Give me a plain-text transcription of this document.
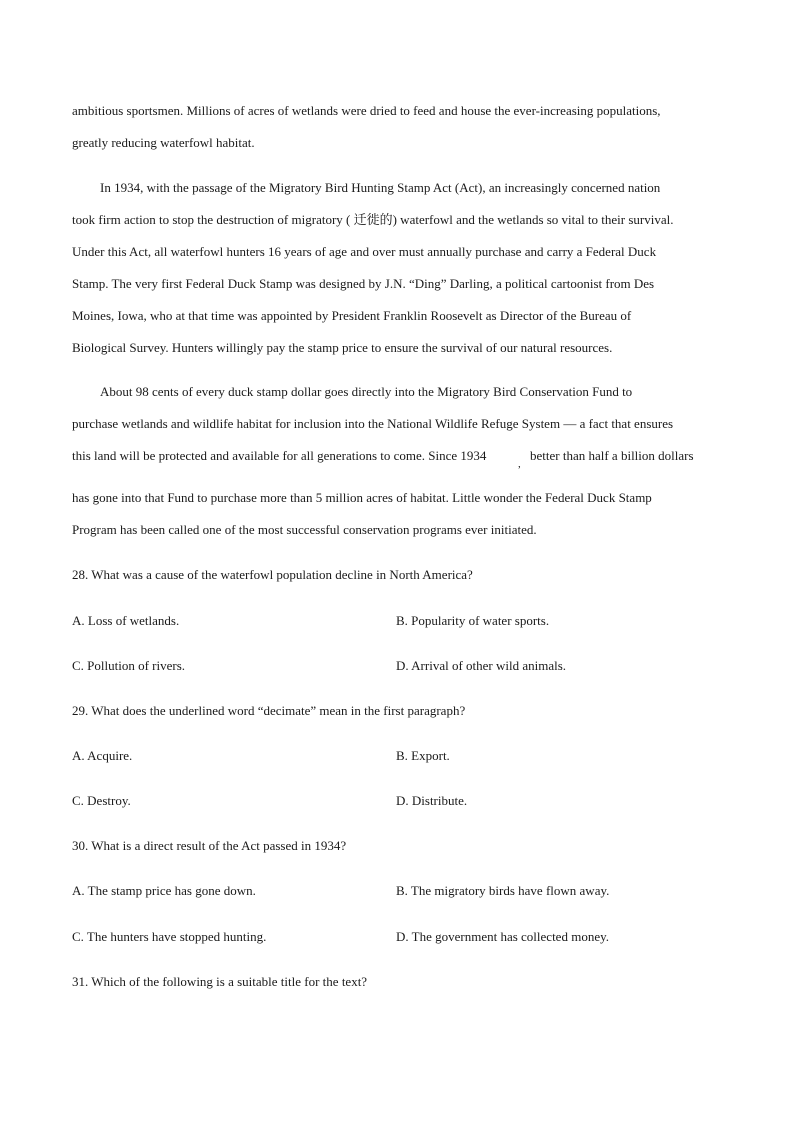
ambitious sportsmen. Millions of acres of wetlands were dried to feed and house the ever-increasing populations,
greatly reducing waterfowl habitat.
In 1934, with the passage of the Migratory Bird Hunting Stamp Act (Act), an increasingly concerned nation
took firm action to stop the destruction of migratory ( 迁徙的) waterfowl and the wetlands so vital to their survival.
Under this Act, all waterfowl hunters 16 years of age and over must annually purchase and carry a Federal Duck
Stamp. The very first Federal Duck Stamp was designed by J.N. “Ding” Darling, a political cartoonist from Des
Moines, Iowa, who at that time was appointed by President Franklin Roosevelt as Director of the Bureau of
Biological Survey. Hunters willingly pay the stamp price to ensure the survival of our natural resources.
About 98 cents of every duck stamp dollar goes directly into the Migratory Bird Conservation Fund to
purchase wetlands and wildlife habitat for inclusion into the National Wildlife Refuge System — a fact that ensures
this land will be protected and available for all generations to come. Since 1934
,
better than half a billion dollars
has gone into that Fund to purchase more than 5 million acres of habitat. Little wonder the Federal Duck Stamp
Program has been called one of the most successful conservation programs ever initiated.
28. What was a cause of the waterfowl population decline in North America?
A. Loss of wetlands.	B. Popularity of water sports.
C. Pollution of rivers.	D. Arrival of other wild animals.
29. What does the underlined word “decimate” mean in the first paragraph?
A. Acquire.	B. Export.
C. Destroy.	D. Distribute.
30. What is a direct result of the Act passed in 1934?
A. The stamp price has gone down.	B. The migratory birds have flown away.
C. The hunters have stopped hunting.	D. The government has collected money.
31. Which of the following is a suitable title for the text?
